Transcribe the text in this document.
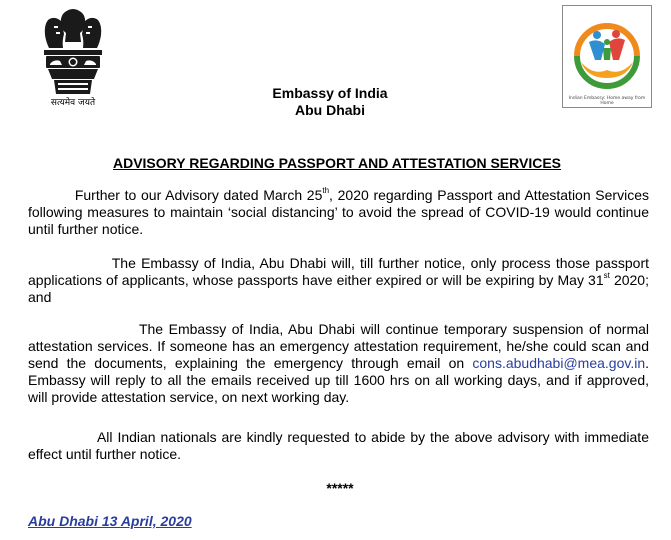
सत्यमेव जयते	Indian Embassy: Home away from Home
Embassy of India
Abu Dhabi
ADVISORY REGARDING PASSPORT AND ATTESTATION SERVICES

Further to our Advisory dated March 25th, 2020 regarding Passport and Attestation Services following measures to maintain ‘social distancing’ to avoid the spread of COVID-19 would continue until further notice.

The Embassy of India, Abu Dhabi will, till further notice, only process those passport applications of applicants, whose passports have either expired or will be expiring by May 31st 2020; and

The Embassy of India, Abu Dhabi will continue temporary suspension of normal attestation services. If someone has an emergency attestation requirement, he/she could scan and send the documents, explaining the emergency through email on cons.abudhabi@mea.gov.in. Embassy will reply to all the emails received up till 1600 hrs on all working days, and if approved, will provide attestation service, on next working day.

All Indian nationals are kindly requested to abide by the above advisory with immediate effect until further notice.

*****
Abu Dhabi 13 April, 2020
